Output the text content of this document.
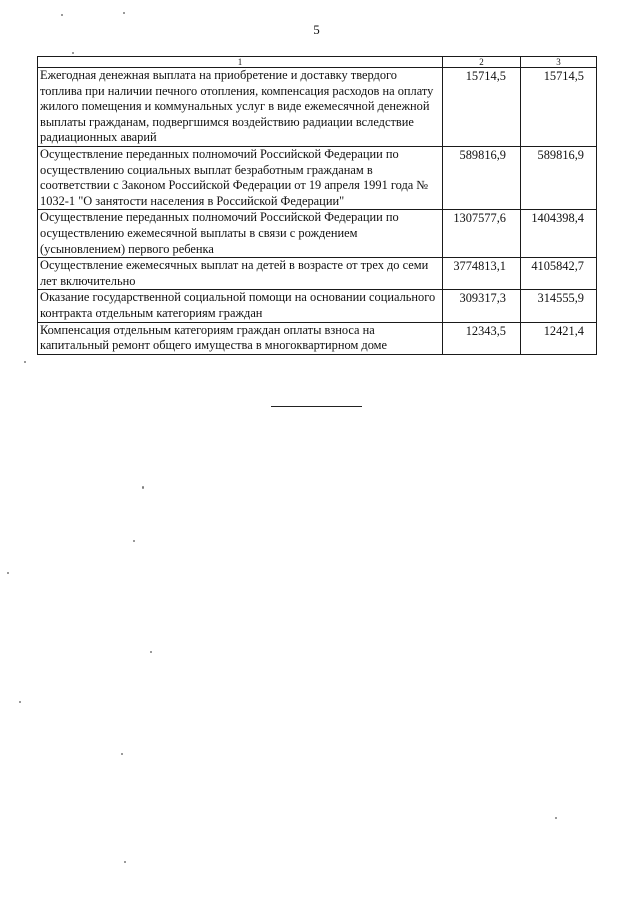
5
1	2	3
Ежегодная денежная выплата на приобретение и доставку твердого топлива при наличии печного отопления, компенсация расходов на оплату жилого помещения и коммунальных услуг в виде ежемесячной денежной выплаты гражданам, подвергшимся воздействию радиации вследствие радиационных аварий	15714,5	15714,5
Осуществление переданных полномочий Российской Федерации по осуществлению социальных выплат безработным гражданам в соответствии с Законом Российской Федерации от 19 апреля 1991 года № 1032-1 "О занятости населения в Российской Федерации"	589816,9	589816,9
Осуществление переданных полномочий Российской Федерации по осуществлению ежемесячной выплаты в связи с рождением (усыновлением) первого ребенка	1307577,6	1404398,4
Осуществление ежемесячных выплат на детей в возрасте от трех до семи лет включительно	3774813,1	4105842,7
Оказание государственной социальной помощи на основании социального контракта отдельным категориям граждан	309317,3	314555,9
Компенсация отдельным категориям граждан оплаты взноса на капитальный ремонт общего имущества в многоквартирном доме	12343,5	12421,4
